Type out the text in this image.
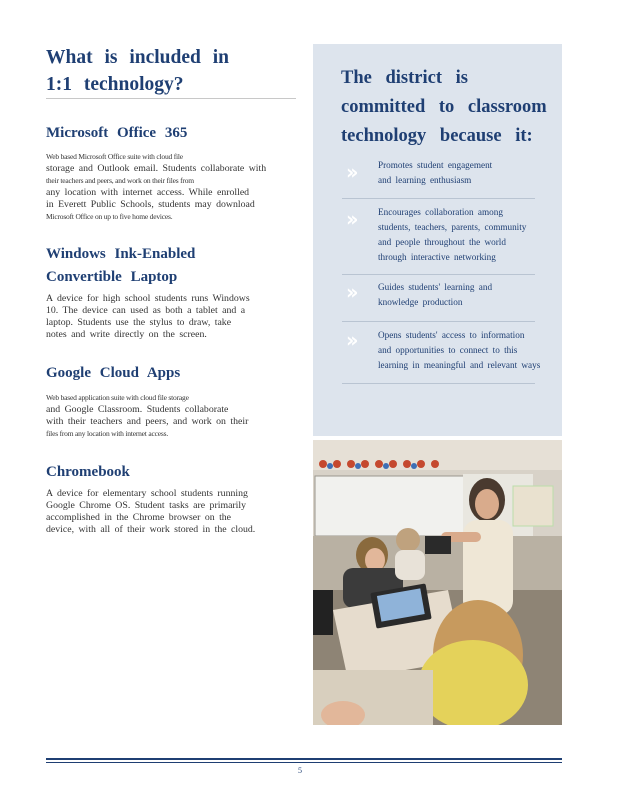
What is included in
1:1 technology?
Microsoft Office 365
Web based Microsoft Office suite with cloud file
storage and Outlook email. Students collaborate with
their teachers and peers, and work on their files from
any location with internet access. While enrolled
in Everett Public Schools, students may download
Microsoft Office on up to five home devices.
Windows Ink-Enabled
Convertible Laptop
A device for high school students runs Windows
10. The device can used as both a tablet and a
laptop. Students use the stylus to draw, take
notes and write directly on the screen.
Google Cloud Apps
Web based application suite with cloud file storage
and Google Classroom. Students collaborate
with their teachers and peers, and work on their
files from any location with internet access.
Chromebook
A device for elementary school students running
Google Chrome OS. Student tasks are primarily
accomplished in the Chrome browser on the
device, with all of their work stored in the cloud.
The district is
committed to classroom
technology because it:
››	Promotes student engagement
and learning enthusiasm
››	Encourages collaboration among
students, teachers, parents, community
and people throughout the world
through interactive networking
››	Guides students' learning and
knowledge production
››	Opens students' access to information
and opportunities to connect to this
learning in meaningful and relevant ways
5
